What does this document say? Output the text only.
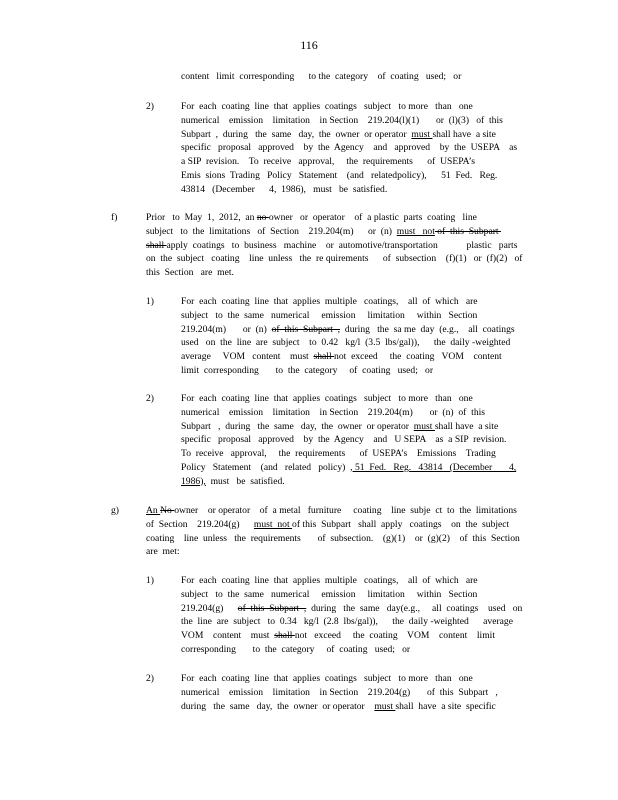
116
content   limit  corresponding      to the  category    of  coating   used;   or
2)	For  each  coating  line  that  applies  coatings   subject   to more   than   one
numerical    emission    limitation    in Section    219.204(l)(1)       or  (l)(3)   of  this
Subpart  ,  during   the  same   day,  the  owner  or operator  must shall have  a site
specific   proposal   approved    by  the  Agency    and   approved    by  the  USEPA    as
a SIP  revision.    To  receive   approval,     the  requirements      of  USEPA’s
Emis  sions  Trading   Policy   Statement    (and   relatedpolicy),      51  Fed.   Reg.
43814   (December      4,  1986),   must   be  satisfied.
f)	Prior   to  May  1,  2012,  an no owner   or  operator    of  a plastic  parts  coating   line
subject   to  the  limitations   of  Section    219.204(m)      or  (n)  must   not of  this  Subpart
shall apply  coatings   to  business   machine    or  automotive/transportation            plastic   parts
on  the  subject   coating    line  unless   the  re quirements      of  subsection    (f)(1)   or  (f)(2)   of
this  Section   are  met.
1)	For  each  coating  line  that  applies  multiple   coatings,    all  of  which   are
subject   to  the  same   numerical     emission     limitation     within   Section
219.204(m)       or  (n)  of  this  Subpart  ,  during   the  sa me  day  (e.g.,    all  coatings
used   on  the  line  are  subject    to  0.42   kg/l  (3.5  lbs/gal)),      the  daily -weighted
average     VOM   content    must  shall not  exceed     the  coating   VOM    content
limit  corresponding       to  the  category     of  coating   used;   or
2)	For  each  coating  line  that  applies  coatings   subject   to more   than   one
numerical    emission    limitation    in Section    219.204(m)       or  (n)  of  this
Subpart   ,  during   the  same   day,  the  owner  or operator  must shall have  a site
specific   proposal   approved    by  the  Agency    and   U SEPA    as  a SIP  revision.
To  receive   approval,     the  requirements      of  USEPA’s    Emissions    Trading
Policy   Statement    (and   related   policy)  , 51  Fed.   Reg.   43814   (December       4,
1986),  must   be  satisfied.
g)	An No owner    or operator    of  a metal   furniture     coating    line  subje  ct  to  the  limitations
of  Section    219.204(g)      must  not of this  Subpart   shall  apply   coatings    on  the  subject
coating    line  unless   the  requirements       of  subsection.    (g)(1)    or  (g)(2)    of  this  Section
are  met:
1)	For  each  coating  line  that  applies  multiple   coatings,    all  of  which   are
subject   to  the  same   numerical     emission     limitation     within   Section
219.204(g)      of  this  Subpart  ,  during   the  same   day(e.g.,     all  coatings    used   on
the  line  are  subject   to  0.34   kg/l  (2.8  lbs/gal)),      the  daily -weighted      average
VOM    content    must  shall not   exceed     the  coating    VOM    content    limit
corresponding       to  the  category     of  coating   used;   or
2)	For  each  coating  line  that  applies  coatings   subject   to more   than   one
numerical    emission    limitation    in Section    219.204(g)       of  this  Subpart   ,
during   the  same   day,  the  owner  or operator    must shall  have  a site  specific
